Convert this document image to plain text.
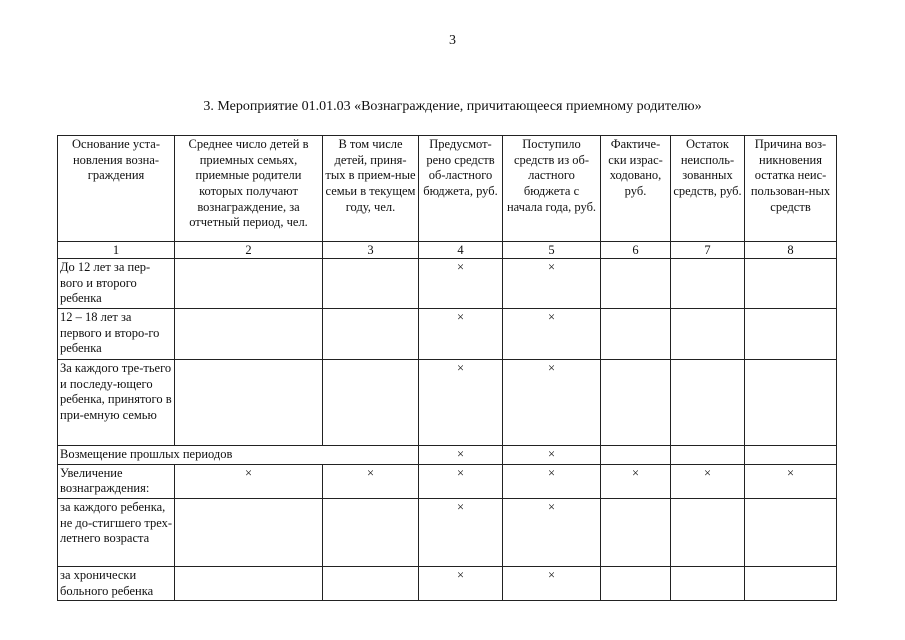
3
3. Мероприятие 01.01.03 «Вознаграждение, причитающееся приемному родителю»
Основание уста-новления возна-граждения	Среднее число детей в приемных семьях, приемные родители которых получают вознаграждение, за отчетный период, чел.	В том числе детей, приня-тых в прием-ные семьи в текущем году, чел.	Предусмот-рено средств об-ластного бюджета, руб.	Поступило средств из об-ластного бюджета с начала года, руб.	Фактиче-ски израс-ходовано, руб.	Остаток неисполь-зованных средств, руб.	Причина воз-никновения остатка неис-пользован-ных средств
1	2	3	4	5	6	7	8
До 12 лет за пер-вого и второго ребенка			×	×			
12 – 18 лет за первого и второ-го ребенка			×	×			
За каждого тре-тьего и последу-ющего ребенка, принятого в при-емную семью			×	×			
Возмещение прошлых периодов			×	×			
Увеличение вознаграждения:	×	×	×	×	×	×	×
за каждого ребенка, не до-стигшего трех-летнего возраста			×	×			
за хронически больного ребенка			×	×			
